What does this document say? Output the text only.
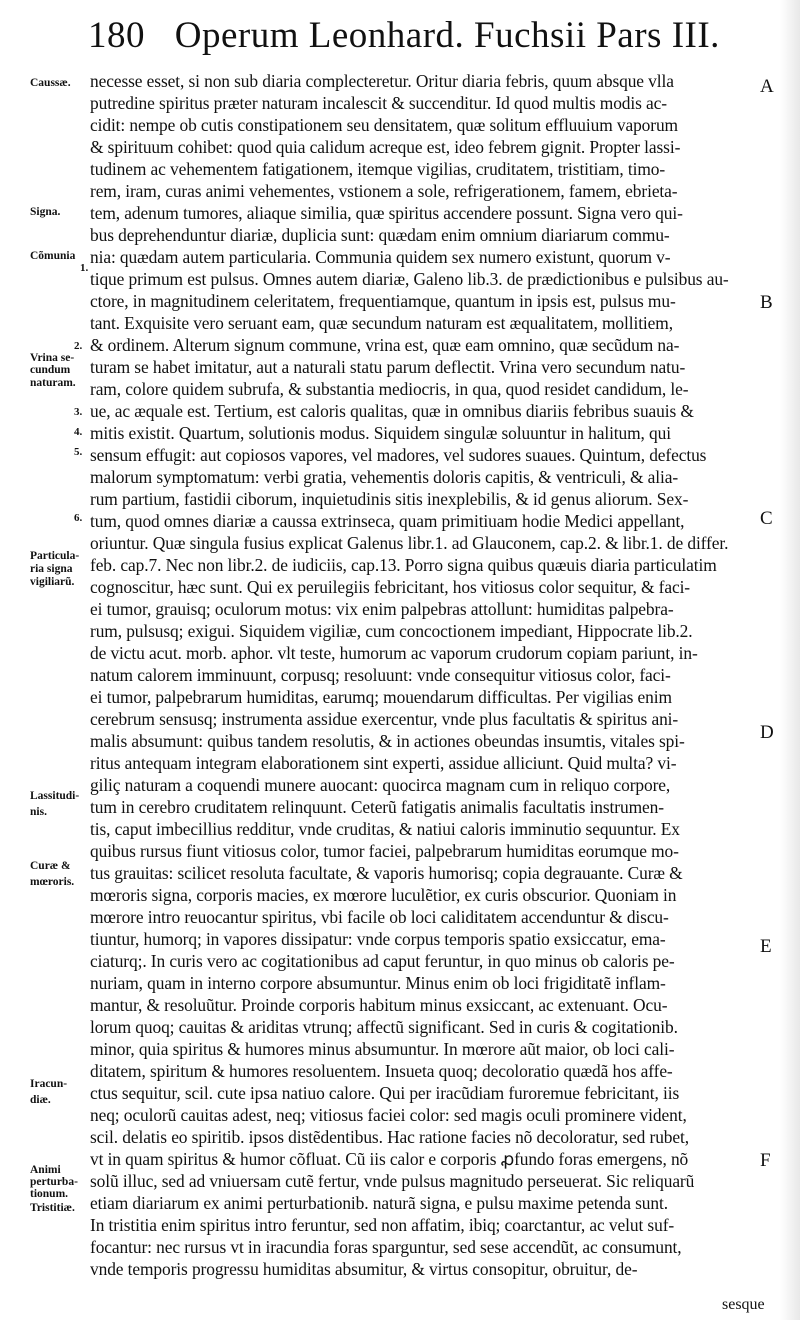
180 Operum Leonhard. Fuchsii Pars III.
necesse esset, si non sub diaria complecteretur. Oritur diaria febris, quum absque vlla
putredine spiritus præter naturam incalescit & succenditur. Id quod multis modis ac-
cidit: nempe ob cutis constipationem seu densitatem, quæ solitum effluuium vaporum
& spirituum cohibet: quod quia calidum acreque est, ideo febrem gignit. Propter lassi-
tudinem ac vehementem fatigationem, itemque vigilias, cruditatem, tristitiam, timo-
rem, iram, curas animi vehementes, vstionem a sole, refrigerationem, famem, ebrieta-
tem, adenum tumores, aliaque similia, quæ spiritus accendere possunt. Signa vero qui-
bus deprehenduntur diariæ, duplicia sunt: quædam enim omnium diariarum commu-
nia: quædam autem particularia. Communia quidem sex numero existunt, quorum v-
tique primum est pulsus. Omnes autem diariæ, Galeno lib.3. de prædictionibus e pulsibus au-
ctore, in magnitudinem celeritatem, frequentiamque, quantum in ipsis est, pulsus mu-
tant. Exquisite vero seruant eam, quæ secundum naturam est æqualitatem, mollitiem,
& ordinem. Alterum signum commune, vrina est, quæ eam omnino, quæ secũdum na-
turam se habet imitatur, aut a naturali statu parum deflectit. Vrina vero secundum natu-
ram, colore quidem subrufa, & substantia mediocris, in qua, quod residet candidum, le-
ue, ac æquale est. Tertium, est caloris qualitas, quæ in omnibus diariis febribus suauis &
mitis existit. Quartum, solutionis modus. Siquidem singulæ soluuntur in halitum, qui
sensum effugit: aut copiosos vapores, vel madores, vel sudores suaues. Quintum, defectus
malorum symptomatum: verbi gratia, vehementis doloris capitis, & ventriculi, & alia-
rum partium, fastidii ciborum, inquietudinis sitis inexplebilis, & id genus aliorum. Sex-
tum, quod omnes diariæ a caussa extrinseca, quam primitiuam hodie Medici appellant,
oriuntur. Quæ singula fusius explicat Galenus libr.1. ad Glauconem, cap.2. & libr.1. de differ.
feb. cap.7. Nec non libr.2. de iudiciis, cap.13. Porro signa quibus quæuis diaria particulatim
cognoscitur, hæc sunt. Qui ex peruilegiis febricitant, hos vitiosus color sequitur, & faci-
ei tumor, grauisq; oculorum motus: vix enim palpebras attollunt: humiditas palpebra-
rum, pulsusq; exigui. Siquidem vigiliæ, cum concoctionem impediant, Hippocrate lib.2.
de victu acut. morb. aphor. vlt teste, humorum ac vaporum crudorum copiam pariunt, in-
natum calorem imminuunt, corpusq; resoluunt: vnde consequitur vitiosus color, faci-
ei tumor, palpebrarum humiditas, earumq; mouendarum difficultas. Per vigilias enim
cerebrum sensusq; instrumenta assidue exercentur, vnde plus facultatis & spiritus ani-
malis absumunt: quibus tandem resolutis, & in actiones obeundas insumtis, vitales spi-
ritus antequam integram elaborationem sint experti, assidue alliciunt. Quid multa? vi-
giliç naturam a coquendi munere auocant: quocirca magnam cum in reliquo corpore,
tum in cerebro cruditatem relinquunt. Ceterũ fatigatis animalis facultatis instrumen-
tis, caput imbecillius redditur, vnde cruditas, & natiui caloris imminutio sequuntur. Ex
quibus rursus fiunt vitiosus color, tumor faciei, palpebrarum humiditas eorumque mo-
tus grauitas: scilicet resoluta facultate, & vaporis humorisq; copia degrauante. Curæ &
mœroris signa, corporis macies, ex mœrore luculẽtior, ex curis obscurior. Quoniam in
mœrore intro reuocantur spiritus, vbi facile ob loci caliditatem accenduntur & discu-
tiuntur, humorq; in vapores dissipatur: vnde corpus temporis spatio exsiccatur, ema-
ciaturq;. In curis vero ac cogitationibus ad caput feruntur, in quo minus ob caloris pe-
nuriam, quam in interno corpore absumuntur. Minus enim ob loci frigiditatẽ inflam-
mantur, & resoluũtur. Proinde corporis habitum minus exsiccant, ac extenuant. Ocu-
lorum quoq; cauitas & ariditas vtrunq; affectũ significant. Sed in curis & cogitationib.
minor, quia spiritus & humores minus absumuntur. In mœrore aũt maior, ob loci cali-
ditatem, spiritum & humores resoluentem. Insueta quoq; decoloratio quædã hos affe-
ctus sequitur, scil. cute ipsa natiuo calore. Qui per iracũdiam furoremue febricitant, iis
neq; oculorũ cauitas adest, neq; vitiosus faciei color: sed magis oculi prominere vident,
scil. delatis eo spiritib. ipsos distẽdentibus. Hac ratione facies nõ decoloratur, sed rubet,
vt in quam spiritus & humor cõfluat. Cũ iis calor e corporis ꝓfundo foras emergens, nõ
solũ illuc, sed ad vniuersam cutẽ fertur, vnde pulsus magnitudo perseuerat. Sic reliquarũ
etiam diariarum ex animi perturbationib. naturã signa, e pulsu maxime petenda sunt.
In tristitia enim spiritus intro feruntur, sed non affatim, ibiq; coarctantur, ac velut suf-
focantur: nec rursus vt in iracundia foras sparguntur, sed sese accendũt, ac consumunt,
vnde temporis progressu humiditas absumitur, & virtus consopitur, obruitur, de-
Caussæ.
Signa.
Cõmunia
Vrina se-
cundum
naturam.
Particula-
ria signa
vigiliarũ.
Lassitudi-
nis.
Curæ &
mœroris.
Iracun-
diæ.
Animi
perturba-
tionum.
Tristitiæ.
1.
2.
3.
4.
5.
6.
A
B
C
D
E
F
sesque
